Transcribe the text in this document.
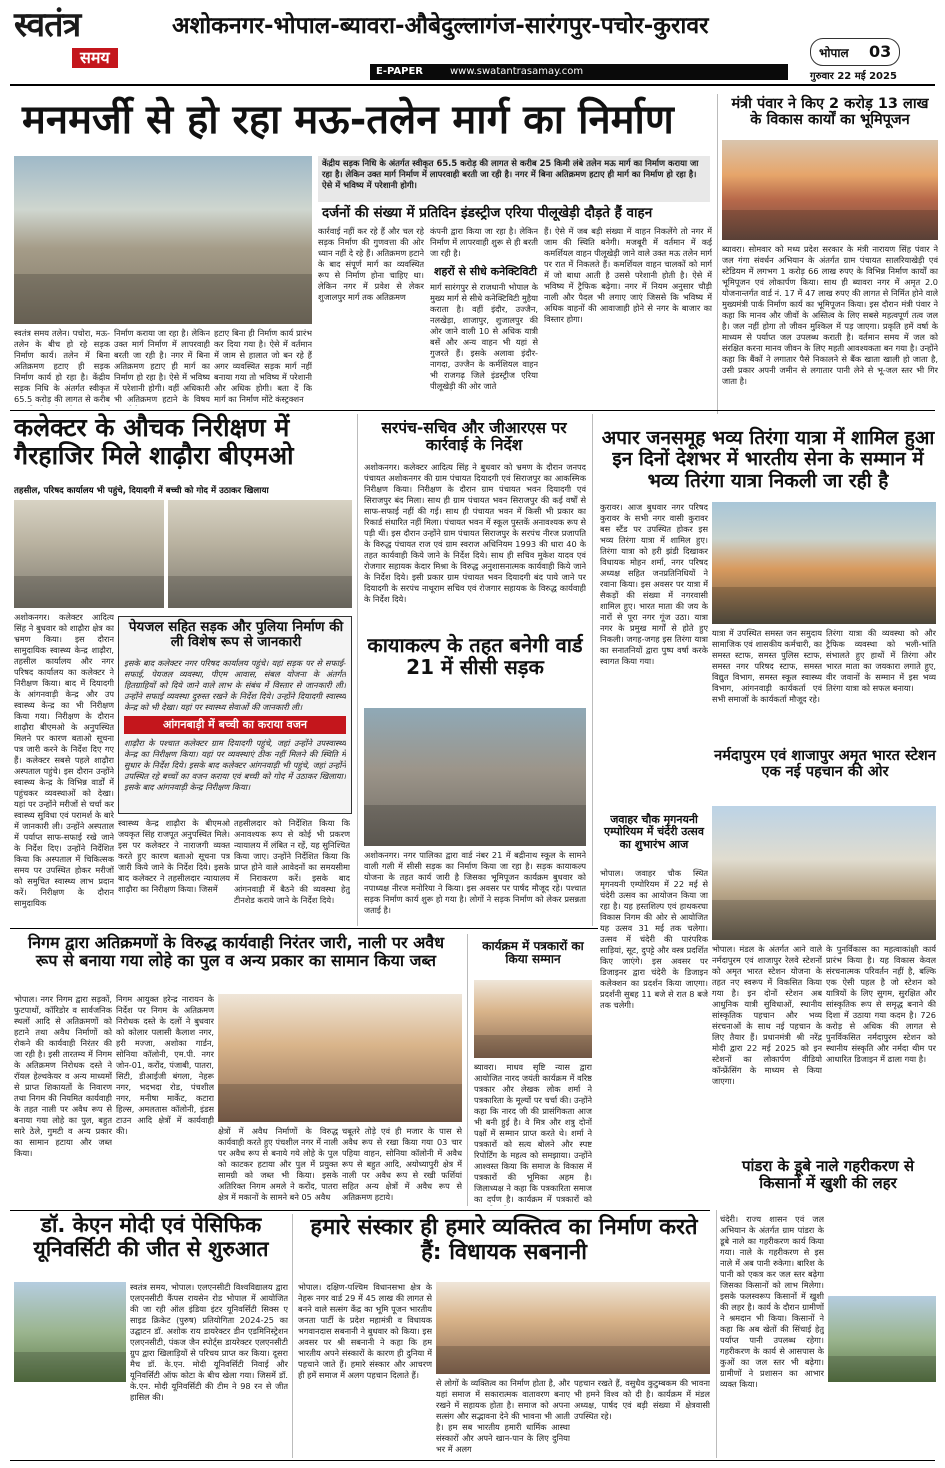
स्वतंत्र
समय
अशोकनगर-भोपाल-ब्यावरा-औबेदुल्लागंज-सारंगपुर-पचोर-कुरावर
E-PAPER	www.swatantrasamay.com
भोपाल 03
गुरुवार 22 मई 2025
मनमर्जी से हो रहा मऊ-तलेन मार्ग का निर्माण
केंद्रीय सड़क निधि के अंतर्गत स्वीकृत 65.5 करोड़ की लागत से करीब 25 किमी लंबे तलेन मऊ मार्ग का निर्माण कराया जा रहा है। लेकिन उक्त मार्ग निर्माण में लापरवाही बरती जा रही है। नगर में बिना अतिक्रमण हटाए ही मार्ग का निर्माण हो रहा है। ऐसे में भविष्य में परेशानी होगी।
दर्जनों की संख्या में प्रतिदिन इंडस्ट्रीज एरिया पीलूखेड़ी दौड़ते हैं वाहन
स्वतंत्र समय तलेन। पचोरा, मऊ-तलेन के बीच हो रहे सड़क निर्माण कार्य। तलेन में बिना अतिक्रमण हटाए ही सड़क निर्माण कार्य हो रहा है। केंद्रीय सड़क निधि के अंतर्गत स्वीकृत 65.5 करोड़ की लागत से करीब
निर्माण कराया जा रहा है। लेकिन उक्त मार्ग निर्माण में लापरवाही बरती जा रही है। नगर में बिना अतिक्रमण हटाए ही मार्ग का निर्माण हो रहा है। ऐसे में भविष्य में परेशानी होगी। वहीं अधिकारी भी अतिक्रमण हटाने के विषय
हटाए बिना ही निर्माण कार्य प्रारंभ कर दिया गया है। ऐसे में वर्तमान में जाम से हालात जो बन रहे हैं अगर व्यवस्थित सड़क मार्ग नहीं बनाया गया तो भविष्य में परेशानी और अधिक होगी। बता दें कि मार्ग का निर्माण मोंटे कंस्ट्रक्शन
कार्रवाई नहीं कर रहे हैं और चल रहे सड़क निर्माण की गुणवत्ता की ओर ध्यान नहीं दे रहे हैं। अतिक्रमण हटाने के बाद संपूर्ण मार्ग का व्यवस्थित रूप से निर्माण होना चाहिए था। लेकिन नगर में प्रवेश से लेकर शुजालपुर मार्ग तक अतिक्रमण
कंपनी द्वारा किया जा रहा है। लेकिन निर्माण में लापरवाही शुरू से ही बरती जा रही है।
शहरों से सीधे कनेक्टिविटी
मार्ग सारंगपुर से राजधानी भोपाल के मुख्य मार्ग से सीधे कनेक्टिविटी मुहैया कराता है। वहीं इंदौर, उज्जैन, नलखेड़ा, शाजापुर, शुजालपुर की ओर जाने वाली 10 से अधिक यात्री बसें और अन्य वाहन भी यहां से गुजरते हैं। इसके अलावा इंदौर-नागदा, उज्जैन के कर्मशियल वाहन भी राजगढ़ जिले इंडस्ट्रीज एरिया पीलूखेड़ी की ओर जाते
हैं। ऐसे में जब बड़ी संख्या में वाहन निकलेंगे तो नगर में जाम की स्थिति बनेगी। मजबूरी में वर्तमान में कई कमर्शियल वाहन पीलूखेड़ी जाने वाले उक्त मऊ तलेन मार्ग पर रात में निकलते हैं। कमर्शियल वाहन चालकों को मार्ग में जो बाधा आती है उससे परेशानी होती है। ऐसे में भविष्य में ट्रैफिक बढ़ेगा। नगर में नियम अनुसार चौड़ी नाली और पैदल भी लगाए जाएं जिससे कि भविष्य में अधिक वाहनों की आवाजाही होने से नगर के बाजार का विस्तार होगा।
मंत्री पंवार ने किए 2 करोड़ 13 लाख के विकास कार्यों का भूमिपूजन
ब्यावरा। सोमवार को मध्य प्रदेश सरकार के मंत्री नारायण सिंह पंवार ने जल गंगा संवर्धन अभियान के अंतर्गत ग्राम पंचायत सालरियाखेड़ी एवं स्टेडियम में लगभग 1 करोड़ 66 लाख रुपए के विभिन्न निर्माण कार्यों का भूमिपूजन एवं लोकार्पण किया। साथ ही ब्यावरा नगर में अमृत 2.0 योजनान्तर्गत वार्ड नं. 17 में 47 लाख रुपए की लागत से निर्मित होने वाले मुख्यमंत्री पार्क निर्माण कार्य का भूमिपूजन किया। इस दौरान मंत्री पंवार ने कहा कि मानव और जीवों के अस्तित्व के लिए सबसे महत्वपूर्ण तत्व जल है। जल नहीं होगा तो जीवन मुश्किल में पड़ जाएगा। प्रकृति हमें वर्षा के माध्यम से पर्याप्त जल उपलब्ध कराती है। वर्तमान समय में जल को संरक्षित करना मानव जीवन के लिए महती आवश्यकता बन गया है। उन्होंने कहा कि बैंकों ने लगातार पैसे निकालने से बैंक खाता खाली हो जाता है, उसी प्रकार अपनी जमीन से लगातार पानी लेने से भू-जल स्तर भी गिर जाता है।
कलेक्टर के औचक निरीक्षण में गैरहाजिर मिले शाढ़ौरा बीएमओ
तहसील, परिषद कार्यालय भी पहुंचे, दियादगी में बच्ची को गोद में उठाकर खिलाया
अशोकनगर। कलेक्टर आदित्य सिंह ने बुधवार को शाढ़ौरा क्षेत्र का भ्रमण किया। इस दौरान सामुदायिक स्वास्थ्य केन्द्र शाढ़ौरा, तहसील कार्यालय और नगर परिषद कार्यालय का कलेक्टर ने निरीक्षण किया। बाद में दियादगी के आंगनवाड़ी केन्द्र और उप स्वास्थ्य केन्द्र का भी निरीक्षण किया गया। निरीक्षण के दौरान शाढ़ौरा बीएमओ के अनुपस्थित मिलने पर कारण बताओ सूचना पत्र जारी करने के निर्देश दिए गए हैं। कलेक्टर सबसे पहले शाढ़ौरा अस्पताल पहुंचे। इस दौरान उन्होंने स्वास्थ्य केन्द्र के विभिन्न वार्डों में पहुंचकर व्यवस्थाओं को देखा। यहां पर उन्होंने मरीजों से चर्चा कर स्वास्थ्य सुविधा एवं परामर्श के बारे में जानकारी ली। उन्होंने अस्पताल में पर्याप्त साफ-सफाई रखे जाने के निर्देश दिए। उन्होंने निर्देशित किया कि अस्पताल में चिकित्सक समय पर उपस्थित होकर मरीजों को समुचित स्वास्थ्य लाभ प्रदान करें। निरीक्षण के दौरान सामुदायिक
पेयजल सहित सड़क और पुलिया निर्माण की ली विशेष रूप से जानकारी
इसके बाद कलेक्टर नगर परिषद कार्यालय पहुंचे। यहां सड़क पर से सफाई-सफाई, पेयजल व्यवस्था, पीएम आवास, संबल योजना के अंतर्गत हितग्राहियों को दिये जाने वाले लाभ के संबंध में विस्तार से जानकारी ली। उन्होंने सफाई व्यवस्था दुरुस्त रखने के निर्देश दिये। उन्होंने दियादगी स्वास्थ्य केन्द्र को भी देखा। यहां पर स्वास्थ्य सेवाओं की जानकारी ली।
आंगनबाड़ी में बच्ची का कराया वजन
शाढ़ौरा के पश्चात कलेक्टर ग्राम दियादगी पहुंचे, जहां उन्होंने उपस्वास्थ्य केन्द्र का निरीक्षण किया। यहां पर व्यवस्थाएं ठीक नहीं मिलने की स्थिति में सुधार के निर्देश दिये। इसके बाद कलेक्टर आंगनवाड़ी भी पहुंचे, जहां उन्होंने उपस्थित रहे बच्चों का वजन कराया एवं बच्ची को गोद में उठाकर खिलाया। इसके बाद आंगनवाड़ी केन्द्र निरीक्षण किया।
स्वास्थ्य केन्द्र शाढ़ौरा के बीएमओ जयकृत सिंह राजपूत अनुपस्थित मिले। इस पर कलेक्टर ने नाराजगी व्यक्त करते हुए कारण बताओ सूचना पत्र जारी किये जाने के निर्देश दिये। इसके बाद कलेक्टर ने तहसीलदार न्यायालय शाढ़ौरा का निरीक्षण किया। जिसमें
तहसीलदार को निर्देशित किया कि अनावश्यक रूप से कोई भी प्रकरण न्यायालय में लंबित न रहें, यह सुनिश्चित किया जाए। उन्होंने निर्देशित किया कि प्राप्त होने वाले आवेदनों का समयसीमा में निराकरण करें। इसके बाद आंगनवाड़ी में बैठने की व्यवस्था हेतु टीनशेड कराये जाने के निर्देश दिये।
सरपंच-सचिव और जीआरएस पर कार्रवाई के निर्देश
अशोकनगर। कलेक्टर आदित्य सिंह ने बुधवार को भ्रमण के दौरान जनपद पंचायत अशोकनगर की ग्राम पंचायत दियादगी एवं सिराजपुर का आकस्मिक निरीक्षण किया। निरीक्षण के दौरान ग्राम पंचायत भवन दियादगी एवं सिराजपुर बंद मिला। साथ ही ग्राम पंचायत भवन सिराजपुर की कई वर्षों से साफ-सफाई नहीं की गई। साथ ही पंचायत भवन में किसी भी प्रकार का रिकार्ड संधारित नहीं मिला। पंचायत भवन में स्कूल पुस्तकें अनावश्यक रूप से पड़ी थीं। इस दौरान उन्होंने ग्राम पंचायत सिराजपुर के सरपंच नीरज प्रजापति के विरुद्ध पंचायत राज एवं ग्राम स्वराज अधिनियम 1993 की धारा 40 के तहत कार्यवाही किये जाने के निर्देश दिये। साथ ही सचिव मुकेश यादव एवं रोजगार सहायक केदार मिश्रा के विरुद्ध अनुशासनात्मक कार्यवाही किये जाने के निर्देश दिये। इसी प्रकार ग्राम पंचायत भवन दियादगी बंद पाये जाने पर दियादगी के सरपंच नाथूराम सचिव एवं रोजगार सहायक के विरुद्ध कार्यवाही के निर्देश दिये।
कायाकल्प के तहत बनेगी वार्ड 21 में सीसी सड़क
अशोकनगर। नगर पालिका द्वारा वार्ड नंबर 21 में बद्रीनाथ स्कूल के सामने वाली गली में सीसी सड़क का निर्माण किया जा रहा है। सड़क कायाकल्प योजना के तहत कार्य जारी है जिसका भूमिपूजन कार्यक्रम बुधवार को नपाध्यक्ष नीरज मनोरिया ने किया। इस अवसर पर पार्षद मौजूद रहे। पश्चात सड़क निर्माण कार्य शुरू हो गया है। लोगों ने सड़क निर्माण को लेकर प्रसन्नता जताई है।
अपार जनसमूह भव्य तिरंगा यात्रा में शामिल हुआ इन दिनों देशभर में भारतीय सेना के सम्मान में भव्य तिरंगा यात्रा निकली जा रही है
कुरावर। आज बुधवार नगर परिषद कुरावर के सभी नगर वासी कुरावर बस स्टैंड पर उपस्थित होकर इस भव्य तिरंगा यात्रा में शामिल हुए। तिरंगा यात्रा को हरी झंडी दिखाकर विधायक मोहन शर्मा, नगर परिषद अध्यक्ष सहित जनप्रतिनिधियों ने रवाना किया। इस अवसर पर यात्रा में सैकड़ों की संख्या में नगरवासी शामिल हुए। भारत माता की जय के नारों से पूरा नगर गूंज उठा। यात्रा नगर के प्रमुख मार्गों से होते हुए निकली। जगह-जगह इस तिरंगा यात्रा का सनातनियों द्वारा पुष्प वर्षा करके स्वागत किया गया।
यात्रा में उपस्थित समस्त जन समुदाय सामाजिक एवं शासकीय कर्मचारी, का समस्त स्टाफ, समस्त पुलिस स्टाफ, समस्त नगर परिषद स्टाफ, समस्त विद्युत विभाग, समस्त स्कूल स्वास्थ्य विभाग, आंगनवाड़ी कार्यकर्ता एवं सभी समाजों के कार्यकर्ता मौजूद रहे।
तिरंगा यात्रा की व्यवस्था को और ट्रैफिक व्यवस्था को भली-भांति संभालते हुए हाथों में तिरंगा और भारत माता का जयकारा लगाते हुए, वीर जवानों के सम्मान में इस भव्य तिरंगा यात्रा को सफल बनाया।
जवाहर चौक मृगनयनी एम्पोरियम में चंदेरी उत्सव का शुभारंभ आज
भोपाल। जवाहर चौक स्थित मृगनयनी एम्पोरियम में 22 मई से चंदेरी उत्सव का आयोजन किया जा रहा है। यह हस्तशिल्प एवं हाथकरघा विकास निगम की ओर से आयोजित यह उत्सव 31 मई तक चलेगा। उत्सव में चंदेरी की पारंपरिक साड़ियां, सूट, दुपट्टे और वस्त्र प्रदर्शित किए जाएंगे। इस अवसर पर डिजाइनर द्वारा चंदेरी के डिजाइन कलेक्शन का प्रदर्शन किया जाएगा। प्रदर्शनी सुबह 11 बजे से रात 8 बजे तक चलेगी।
नर्मदापुरम एवं शाजापुर अमृत भारत स्टेशन एक नई पहचान की ओर
भोपाल। मंडल के अंतर्गत आने वाले नर्मदापुरम एवं शाजापुर रेलवे स्टेशनों को अमृत भारत स्टेशन योजना के तहत नए स्वरूप में विकसित किया गया है। इन दोनों स्टेशन अब आधुनिक यात्री सुविधाओं, स्थानीय सांस्कृतिक पहचान और भव्य संरचनाओं के साथ नई पहचान के लिए तैयार हैं। प्रधानमंत्री श्री नरेंद्र मोदी द्वारा 22 मई 2025 को इन स्टेशनों का लोकार्पण वीडियो कॉन्फ्रेंसिंग के माध्यम से किया जाएगा।
के पुनर्विकास का महत्वाकांक्षी कार्य प्रारंभ किया है। यह विकास केवल संरचनात्मक परिवर्तन नहीं है, बल्कि एक ऐसी पहल है जो स्टेशन को यात्रियों के लिए सुगम, सुरक्षित और सांस्कृतिक रूप से समृद्ध बनाने की दिशा में उठाया गया कदम है। 726 करोड़ से अधिक की लागत से पुनर्विकसित नर्मदापुरम स्टेशन को स्थानीय संस्कृति और नर्मदा थीम पर आधारित डिजाइन में ढाला गया है।
निगम द्वारा अतिक्रमणों के विरुद्ध कार्यवाही निरंतर जारी, नाली पर अवैध रूप से बनाया गया लोहे का पुल व अन्य प्रकार का सामान किया जब्त
भोपाल। नगर निगम द्वारा सड़कों, फुटपाथों, कॉरिडोर व सार्वजनिक स्थलों आदि से अतिक्रमणों को हटाने तथा अवैध निर्माणों को रोकने की कार्यवाही निरंतर की जा रही है। इसी तारतम्य में निगम के अतिक्रमण निरोधक दस्ते ने रॉयल हेल्थकेयर व अन्य माध्यमों से प्राप्त शिकायतों के निवारण तथा निगम की नियमित कार्यवाही के तहत नाली पर अवैध रूप से बनाया गया लोहे का पुल, बहुत सारे ठेले, गुमटी व अन्य प्रकार का सामान हटाया और जब्त किया।
निगम आयुक्त हरेन्द्र नारायन के निर्देश पर निगम के अतिक्रमण निरोधक दस्ते के दलों ने बुधवार को कोलार पलासी कैलाश नगर, हरी मज्जा, अशोका गार्डन, सोनिया कॉलोनी, एम.पी. नगर जोन-01, करोंद, पंजाबी, पातरा, सिटी, डीआईजी बंगला, नेहरू नगर, भदभदा रोड, पंचशील नगर, मनीषा मार्केट, कटारा हिल्स, अमलतास कॉलोनी, इंडस टाउन आदि क्षेत्रों में कार्यवाही की।	क्षेत्रों में अवैध निर्माणों के विरुद्ध कार्यवाही करते हुए पंचशील नगर में नाली पर अवैध रूप से बनाये गये लोहे के पुल को काटकर हटाया और पुल में प्रयुक्त सामग्री को जब्त भी किया। इसके अतिरिक्त निगम अमले ने करोंद, पातरा क्षेत्र में मकानों के सामने बने 05 अवैध
चबूतरे तोड़े एवं ही मजार के पास से अवैध रूप से रखा किया गया 03 चार पहिया वाहन, सोनिया कॉलोनी में अवैध रूप से बहुत आदि, अयोध्यापुरी क्षेत्र में नाली पर अवैध रूप से रखी फर्शियां सहित अन्य क्षेत्रों में अवैध रूप से अतिक्रमण हटाये।
कार्यक्रम में पत्रकारों का किया सम्मान
ब्यावरा। माधव सृष्टि न्यास द्वारा आयोजित नारद जयंती कार्यक्रम में वरिष्ठ पत्रकार और लेखक लोक शर्मा ने पत्रकारिता के मूल्यों पर चर्चा की। उन्होंने कहा कि नारद जी की प्रासंगिकता आज भी बनी हुई है। वे मित्र और शत्रु दोनों पक्षों में सम्मान प्राप्त करते थे। शर्मा ने पत्रकारों को सत्य बोलने और स्पष्ट रिपोर्टिंग के महत्व को समझाया। उन्होंने आश्वस्त किया कि समाज के विकास में पत्रकारों की भूमिका अहम है। जिलाध्यक्ष ने कहा कि पत्रकारिता समाज का दर्पण है। कार्यक्रम में पत्रकारों को
डॉ. केएन मोदी एवं पेसिफिक यूनिवर्सिटी की जीत से शुरुआत
स्वतंत्र समय, भोपाल। एलएनसीटी विश्वविद्यालय द्वारा एलएनसीटी कैंपस रायसेन रोड भोपाल में आयोजित की जा रही ऑल इंडिया इंटर यूनिवर्सिटी सिक्स ए साइड क्रिकेट (पुरुष) प्रतियोगिता 2024-25 का उद्घाटन डॉ. अशोक राय डायरेक्टर डीन एडमिनिस्ट्रेशन एलएनसीटी, पंकज जैन स्पोर्ट्स डायरेक्टर एलएनसीटी ग्रुप द्वारा खिलाड़ियों से परिचय प्राप्त कर किया। दूसरा मैच डॉ. के.एन. मोदी यूनिवर्सिटी निवाई और यूनिवर्सिटी ऑफ कोटा के बीच खेला गया। जिसमें डॉ. के.एन. मोदी यूनिवर्सिटी की टीम ने 98 रन से जीत हासिल की।
हमारे संस्कार ही हमारे व्यक्तित्व का निर्माण करते हैं: विधायक सबनानी
भोपाल। दक्षिण-पश्चिम विधानसभा क्षेत्र के नेहरू नगर वार्ड 29 में 45 लाख की लागत से बनने वाले सत्संग केंद्र का भूमि पूजन भारतीय जनता पार्टी के प्रदेश महामंत्री व विधायक भगवानदास सबनानी ने बुधवार को किया। इस अवसर पर श्री सबनानी ने कहा कि हम भारतीय अपने संस्कारों के कारण ही दुनिया में पहचाने जाते हैं। हमारे संस्कार और आचरण ही हमें समाज में अलग पहचान दिलाते हैं।
से लोगों के व्यक्तित्व का निर्माण होता है, और यहां समाज में सकारात्मक वातावरण बनाए रखने में सहायक होता है। समाज को अपना सत्संग और सद्भावना देने की भावना भी आती है। हम सब भारतीय हमारी धार्मिक आस्था संस्कारों और अपने खान-पान के लिए दुनिया भर में अलग
पहचान रखते हैं, वसुधैव कुटुम्बकम की भावना भी हमने विश्व को दी है। कार्यक्रम में मंडल अध्यक्ष, पार्षद एवं बड़ी संख्या में क्षेत्रवासी उपस्थित रहे।
पांडरा के डूबे नाले गहरीकरण से किसानों में खुशी की लहर
चंदेरी। राज्य शासन एवं जल अभियान के अंतर्गत ग्राम पांडरा के डूबे नाले का गहरीकरण कार्य किया गया। नाले के गहरीकरण से इस नाले में अब पानी रुकेगा। बारिश के पानी को एकत्र कर जल स्तर बढ़ेगा जिसका किसानों को लाभ मिलेगा। इसके फलस्वरूप किसानों में खुशी की लहर है। कार्य के दौरान ग्रामीणों ने श्रमदान भी किया। किसानों ने कहा कि अब खेतों की सिंचाई हेतु पर्याप्त पानी उपलब्ध रहेगा। गहरीकरण के कार्य से आसपास के कुओं का जल स्तर भी बढ़ेगा। ग्रामीणों ने प्रशासन का आभार व्यक्त किया।
